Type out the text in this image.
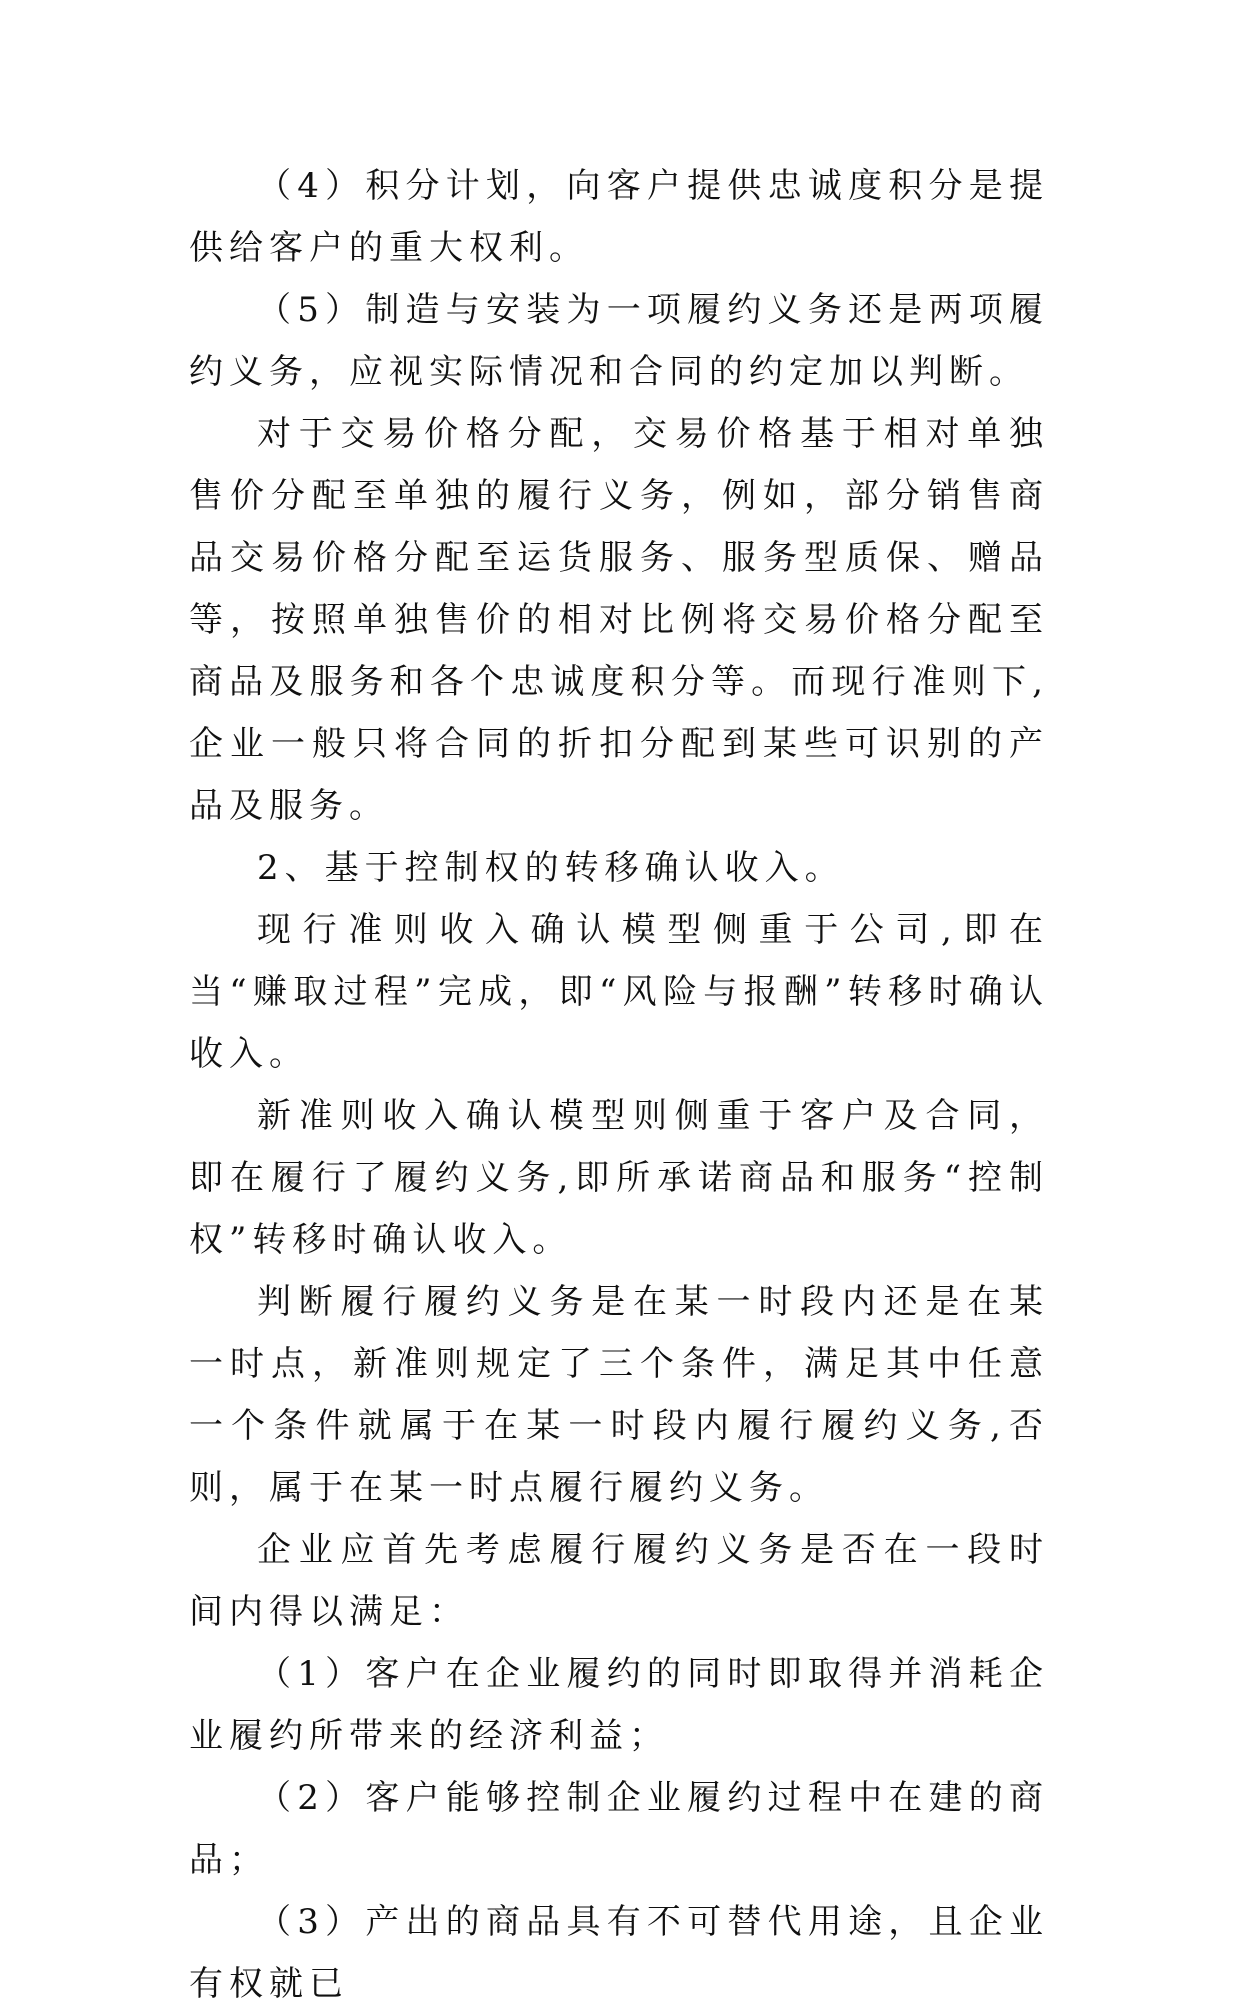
（4）积分计划，向客户提供忠诚度积分是提供给客户的重大权利。

（5）制造与安装为一项履约义务还是两项履约义务，应视实际情况和合同的约定加以判断。

对于交易价格分配，交易价格基于相对单独售价分配至单独的履行义务，例如，部分销售商品交易价格分配至运货服务、服务型质保、赠品等，按照单独售价的相对比例将交易价格分配至商品及服务和各个忠诚度积分等。而现行准则下,企业一般只将合同的折扣分配到某些可识别的产品及服务。

2、基于控制权的转移确认收入。

现行准则收入确认模型侧重于公司,即在当“赚取过程”完成，即“风险与报酬”转移时确认收入。

新准则收入确认模型则侧重于客户及合同，即在履行了履约义务,即所承诺商品和服务“控制权”转移时确认收入。

判断履行履约义务是在某一时段内还是在某一时点，新准则规定了三个条件，满足其中任意一个条件就属于在某一时段内履行履约义务,否则，属于在某一时点履行履约义务。

企业应首先考虑履行履约义务是否在一段时间内得以满足：

（1）客户在企业履约的同时即取得并消耗企业履约所带来的经济利益；

（2）客户能够控制企业履约过程中在建的商品；

（3）产出的商品具有不可替代用途，且企业有权就已
